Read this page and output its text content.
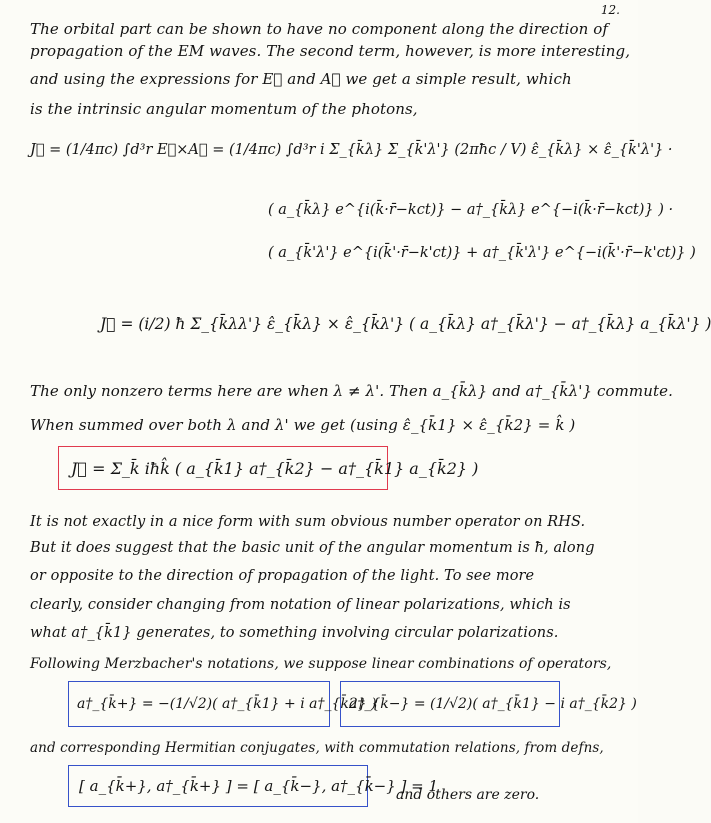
12.
The orbital part can be shown to have no component along the direction of
propagation of the EM waves. The second term, however, is more interesting,
and using the expressions for E⃗ and A⃗ we get a simple result, which
is the intrinsic angular momentum of the photons,
J⃗ = (1/4πc) ∫d³r E⃗×A⃗ = (1/4πc) ∫d³r i Σ_{k̄λ} Σ_{k̄'λ'} (2πħc / V) ε̂_{k̄λ} × ε̂_{k̄'λ'} ·
( a_{k̄λ} e^{i(k̄·r̄−kct)} − a†_{k̄λ} e^{−i(k̄·r̄−kct)} ) ·
( a_{k̄'λ'} e^{i(k̄'·r̄−k'ct)} + a†_{k̄'λ'} e^{−i(k̄'·r̄−k'ct)} )
J⃗ = (i/2) ħ Σ_{k̄λλ'} ε̂_{k̄λ} × ε̂_{k̄λ'} ( a_{k̄λ} a†_{k̄λ'} − a†_{k̄λ} a_{k̄λ'} )
The only nonzero terms here are when λ ≠ λ'. Then a_{k̄λ} and a†_{k̄λ'} commute.
When summed over both λ and λ' we get (using ε̂_{k̄1} × ε̂_{k̄2} = k̂ )
J⃗ = Σ_k̄ iħk̂ ( a_{k̄1} a†_{k̄2} − a†_{k̄1} a_{k̄2} )
It is not exactly in a nice form with sum obvious number operator on RHS.
But it does suggest that the basic unit of the angular momentum is ħ, along
or opposite to the direction of propagation of the light. To see more
clearly, consider changing from notation of linear polarizations, which is
what a†_{k̄1} generates, to something involving circular polarizations.
Following Merzbacher's notations, we suppose linear combinations of operators,
a†_{k̄+} = −(1/√2)( a†_{k̄1} + i a†_{k̄2} )
a†_{k̄−} = (1/√2)( a†_{k̄1} − i a†_{k̄2} )
and corresponding Hermitian conjugates, with commutation relations, from defns,
[ a_{k̄+}, a†_{k̄+} ] = [ a_{k̄−}, a†_{k̄−} ] = 1
and others are zero.
